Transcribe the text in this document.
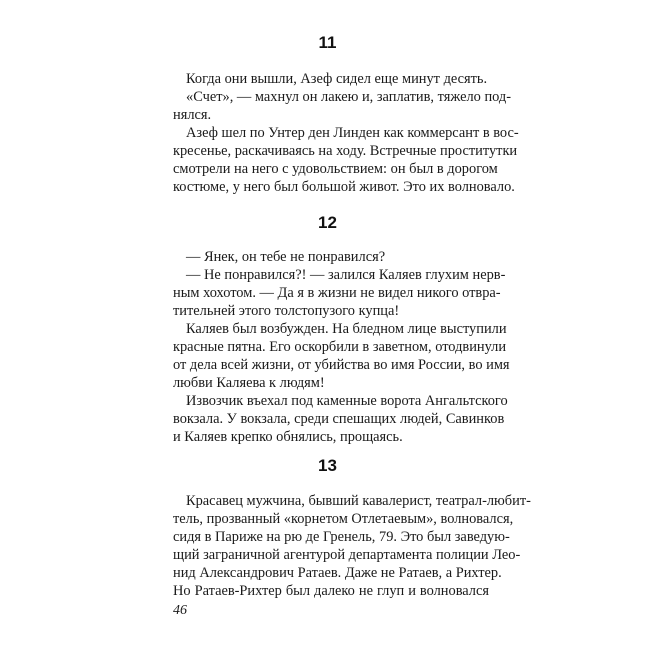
11
Когда они вышли, Азеф сидел еще минут десять.
«Счет», — махнул он лакею и, заплатив, тяжело под-
нялся.
Азеф шел по Унтер ден Линден как коммерсант в вос-
кресенье, раскачиваясь на ходу. Встречные проститутки
смотрели на него с удовольствием: он был в дорогом
костюме, у него был большой живот. Это их волновало.
12
— Янек, он тебе не понравился?
— Не понравился?! — залился Каляев глухим нерв-
ным хохотом. — Да я в жизни не видел никого отвра-
тительней этого толстопузого купца!
Каляев был возбужден. На бледном лице выступили
красные пятна. Его оскорбили в заветном, отодвинули
от дела всей жизни, от убийства во имя России, во имя
любви Каляева к людям!
Извозчик въехал под каменные ворота Ангальтского
вокзала. У вокзала, среди спешащих людей, Савинков
и Каляев крепко обнялись, прощаясь.
13
Красавец мужчина, бывший кавалерист, театрал-любит-
тель, прозванный «корнетом Отлетаевым», волновался,
сидя в Париже на рю де Гренель, 79. Это был заведую-
щий заграничной агентурой департамента полиции Лео-
нид Александрович Ратаев. Даже не Ратаев, а Рихтер.
Но Ратаев-Рихтер был далеко не глуп и волновался
46
